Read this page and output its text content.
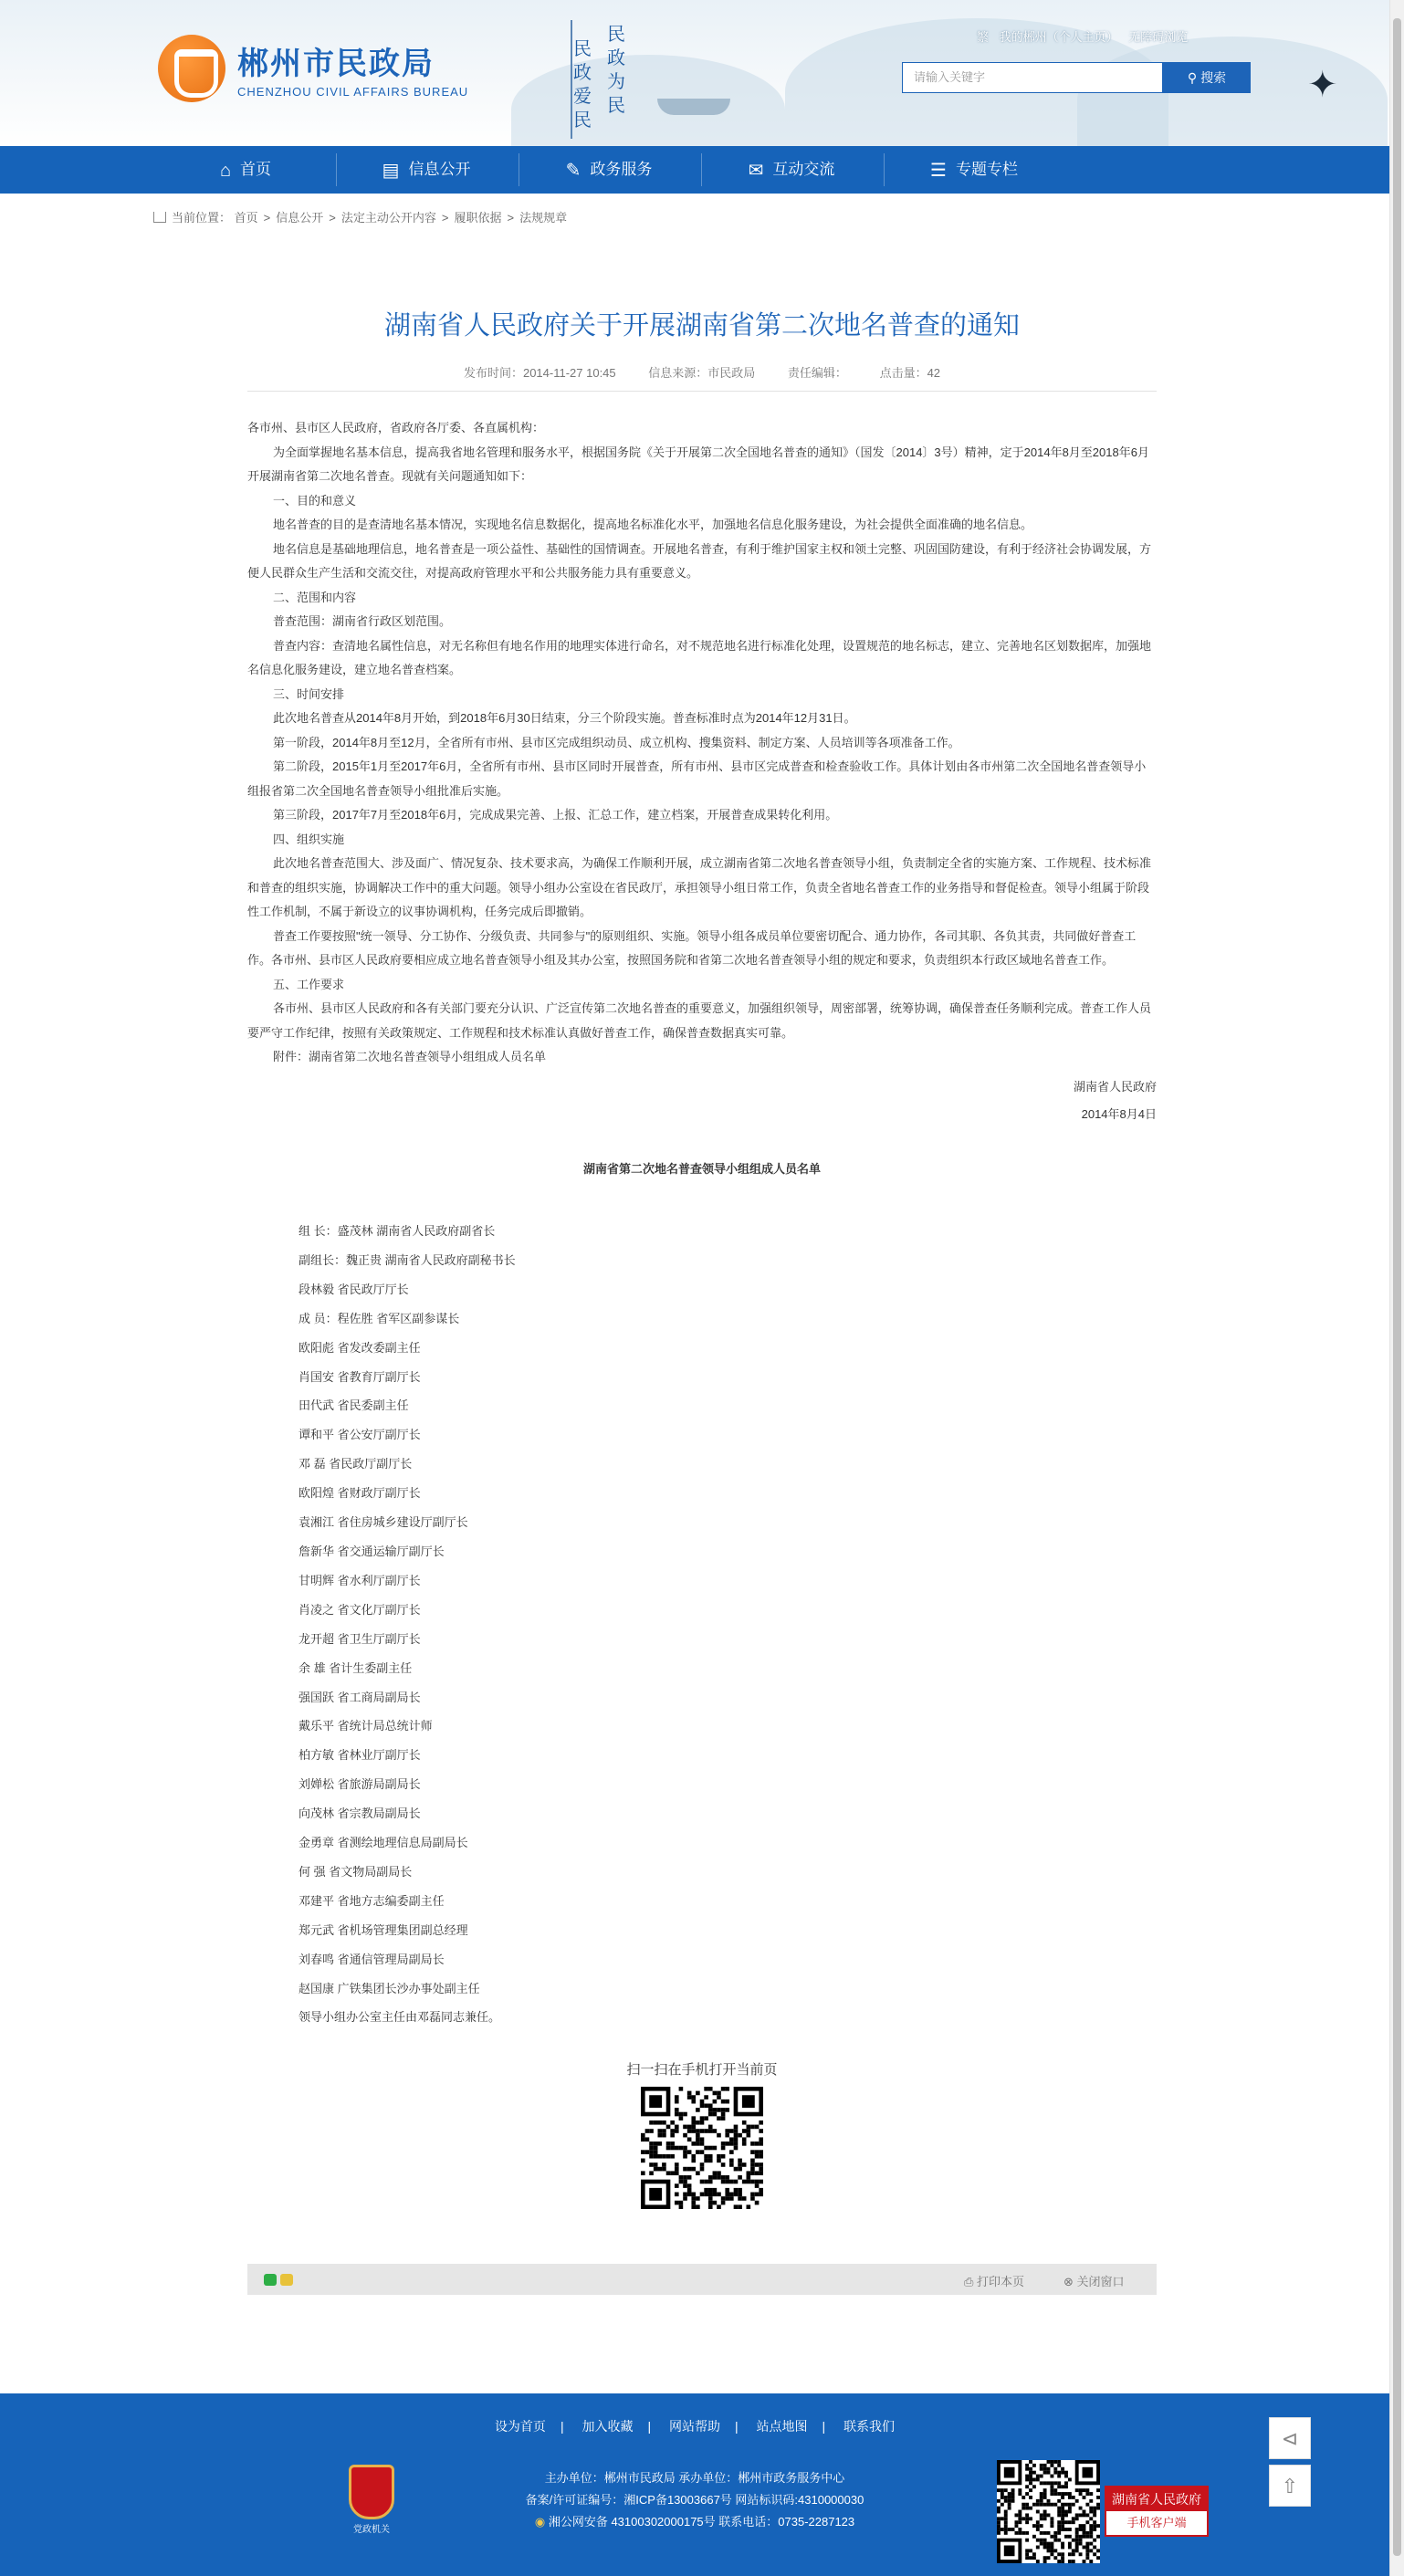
郴州市民政局
CHENZHOU CIVIL AFFAIRS BUREAU
民政为民
民政爱民
繁 我的郴州（个人主页） 无障碍浏览
请输入关键字	⚲ 搜索	✦
⌂ 首页	▤ 信息公开	✎ 政务服务	✉ 互动交流	☰ 专题专栏
当前位置： 首页 > 信息公开 > 法定主动公开内容 > 履职依据 > 法规规章
湖南省人民政府关于开展湖南省第二次地名普查的通知
发布时间：2014-11-27 10:45	信息来源：市民政局	责任编辑：	点击量：42

各市州、县市区人民政府，省政府各厅委、各直属机构：

为全面掌握地名基本信息，提高我省地名管理和服务水平，根据国务院《关于开展第二次全国地名普查的通知》（国发〔2014〕3号）精神，定于2014年8月至2018年6月开展湖南省第二次地名普查。现就有关问题通知如下：

一、目的和意义

地名普查的目的是查清地名基本情况，实现地名信息数据化，提高地名标准化水平，加强地名信息化服务建设，为社会提供全面准确的地名信息。

地名信息是基础地理信息，地名普查是一项公益性、基础性的国情调查。开展地名普查，有利于维护国家主权和领土完整、巩固国防建设，有利于经济社会协调发展，方便人民群众生产生活和交流交往，对提高政府管理水平和公共服务能力具有重要意义。

二、范围和内容

普查范围：湖南省行政区划范围。

普查内容：查清地名属性信息，对无名称但有地名作用的地理实体进行命名，对不规范地名进行标准化处理，设置规范的地名标志，建立、完善地名区划数据库，加强地名信息化服务建设，建立地名普查档案。

三、时间安排

此次地名普查从2014年8月开始，到2018年6月30日结束，分三个阶段实施。普查标准时点为2014年12月31日。

第一阶段，2014年8月至12月，全省所有市州、县市区完成组织动员、成立机构、搜集资料、制定方案、人员培训等各项准备工作。

第二阶段，2015年1月至2017年6月，全省所有市州、县市区同时开展普查，所有市州、县市区完成普查和检查验收工作。具体计划由各市州第二次全国地名普查领导小组报省第二次全国地名普查领导小组批准后实施。

第三阶段，2017年7月至2018年6月，完成成果完善、上报、汇总工作，建立档案，开展普查成果转化利用。

四、组织实施

此次地名普查范围大、涉及面广、情况复杂、技术要求高，为确保工作顺利开展，成立湖南省第二次地名普查领导小组，负责制定全省的实施方案、工作规程、技术标准和普查的组织实施，协调解决工作中的重大问题。领导小组办公室设在省民政厅，承担领导小组日常工作，负责全省地名普查工作的业务指导和督促检查。领导小组属于阶段性工作机制，不属于新设立的议事协调机构，任务完成后即撤销。

普查工作要按照"统一领导、分工协作、分级负责、共同参与"的原则组织、实施。领导小组各成员单位要密切配合、通力协作，各司其职、各负其责，共同做好普查工作。各市州、县市区人民政府要相应成立地名普查领导小组及其办公室，按照国务院和省第二次地名普查领导小组的规定和要求，负责组织本行政区域地名普查工作。

五、工作要求

各市州、县市区人民政府和各有关部门要充分认识、广泛宣传第二次地名普查的重要意义，加强组织领导，周密部署，统筹协调，确保普查任务顺利完成。普查工作人员要严守工作纪律，按照有关政策规定、工作规程和技术标准认真做好普查工作，确保普查数据真实可靠。

附件：湖南省第二次地名普查领导小组组成人员名单

湖南省人民政府

2014年8月4日

湖南省第二次地名普查领导小组组成人员名单
组 长：盛茂林 湖南省人民政府副省长
副组长：魏正贵 湖南省人民政府副秘书长
段林毅 省民政厅厅长
成 员：程佐胜 省军区副参谋长
欧阳彪 省发改委副主任
肖国安 省教育厅副厅长
田代武 省民委副主任
谭和平 省公安厅副厅长
邓 磊 省民政厅副厅长
欧阳煌 省财政厅副厅长
袁湘江 省住房城乡建设厅副厅长
詹新华 省交通运输厅副厅长
甘明辉 省水利厅副厅长
肖凌之 省文化厅副厅长
龙开超 省卫生厅副厅长
余 雄 省计生委副主任
强国跃 省工商局副局长
戴乐平 省统计局总统计师
柏方敏 省林业厅副厅长
刘婵松 省旅游局副局长
向茂林 省宗教局副局长
金勇章 省测绘地理信息局副局长
何 强 省文物局副局长
邓建平 省地方志编委副主任
郑元武 省机场管理集团副总经理
刘春鸣 省通信管理局副局长
赵国康 广铁集团长沙办事处副主任
领导小组办公室主任由邓磊同志兼任。
扫一扫在手机打开当前页
⎙ 打印本页	⊗ 关闭窗口
设为首页 | 加入收藏 | 网站帮助 | 站点地图 | 联系我们
党政机关
主办单位：郴州市民政局 承办单位：郴州市政务服务中心
备案/许可证编号：湘ICP备13003667号 网站标识码:4310000030
◉ 湘公网安备 43100302000175号 联系电话：0735-2287123
湖南省人民政府
手机客户端
⊲
⇧
